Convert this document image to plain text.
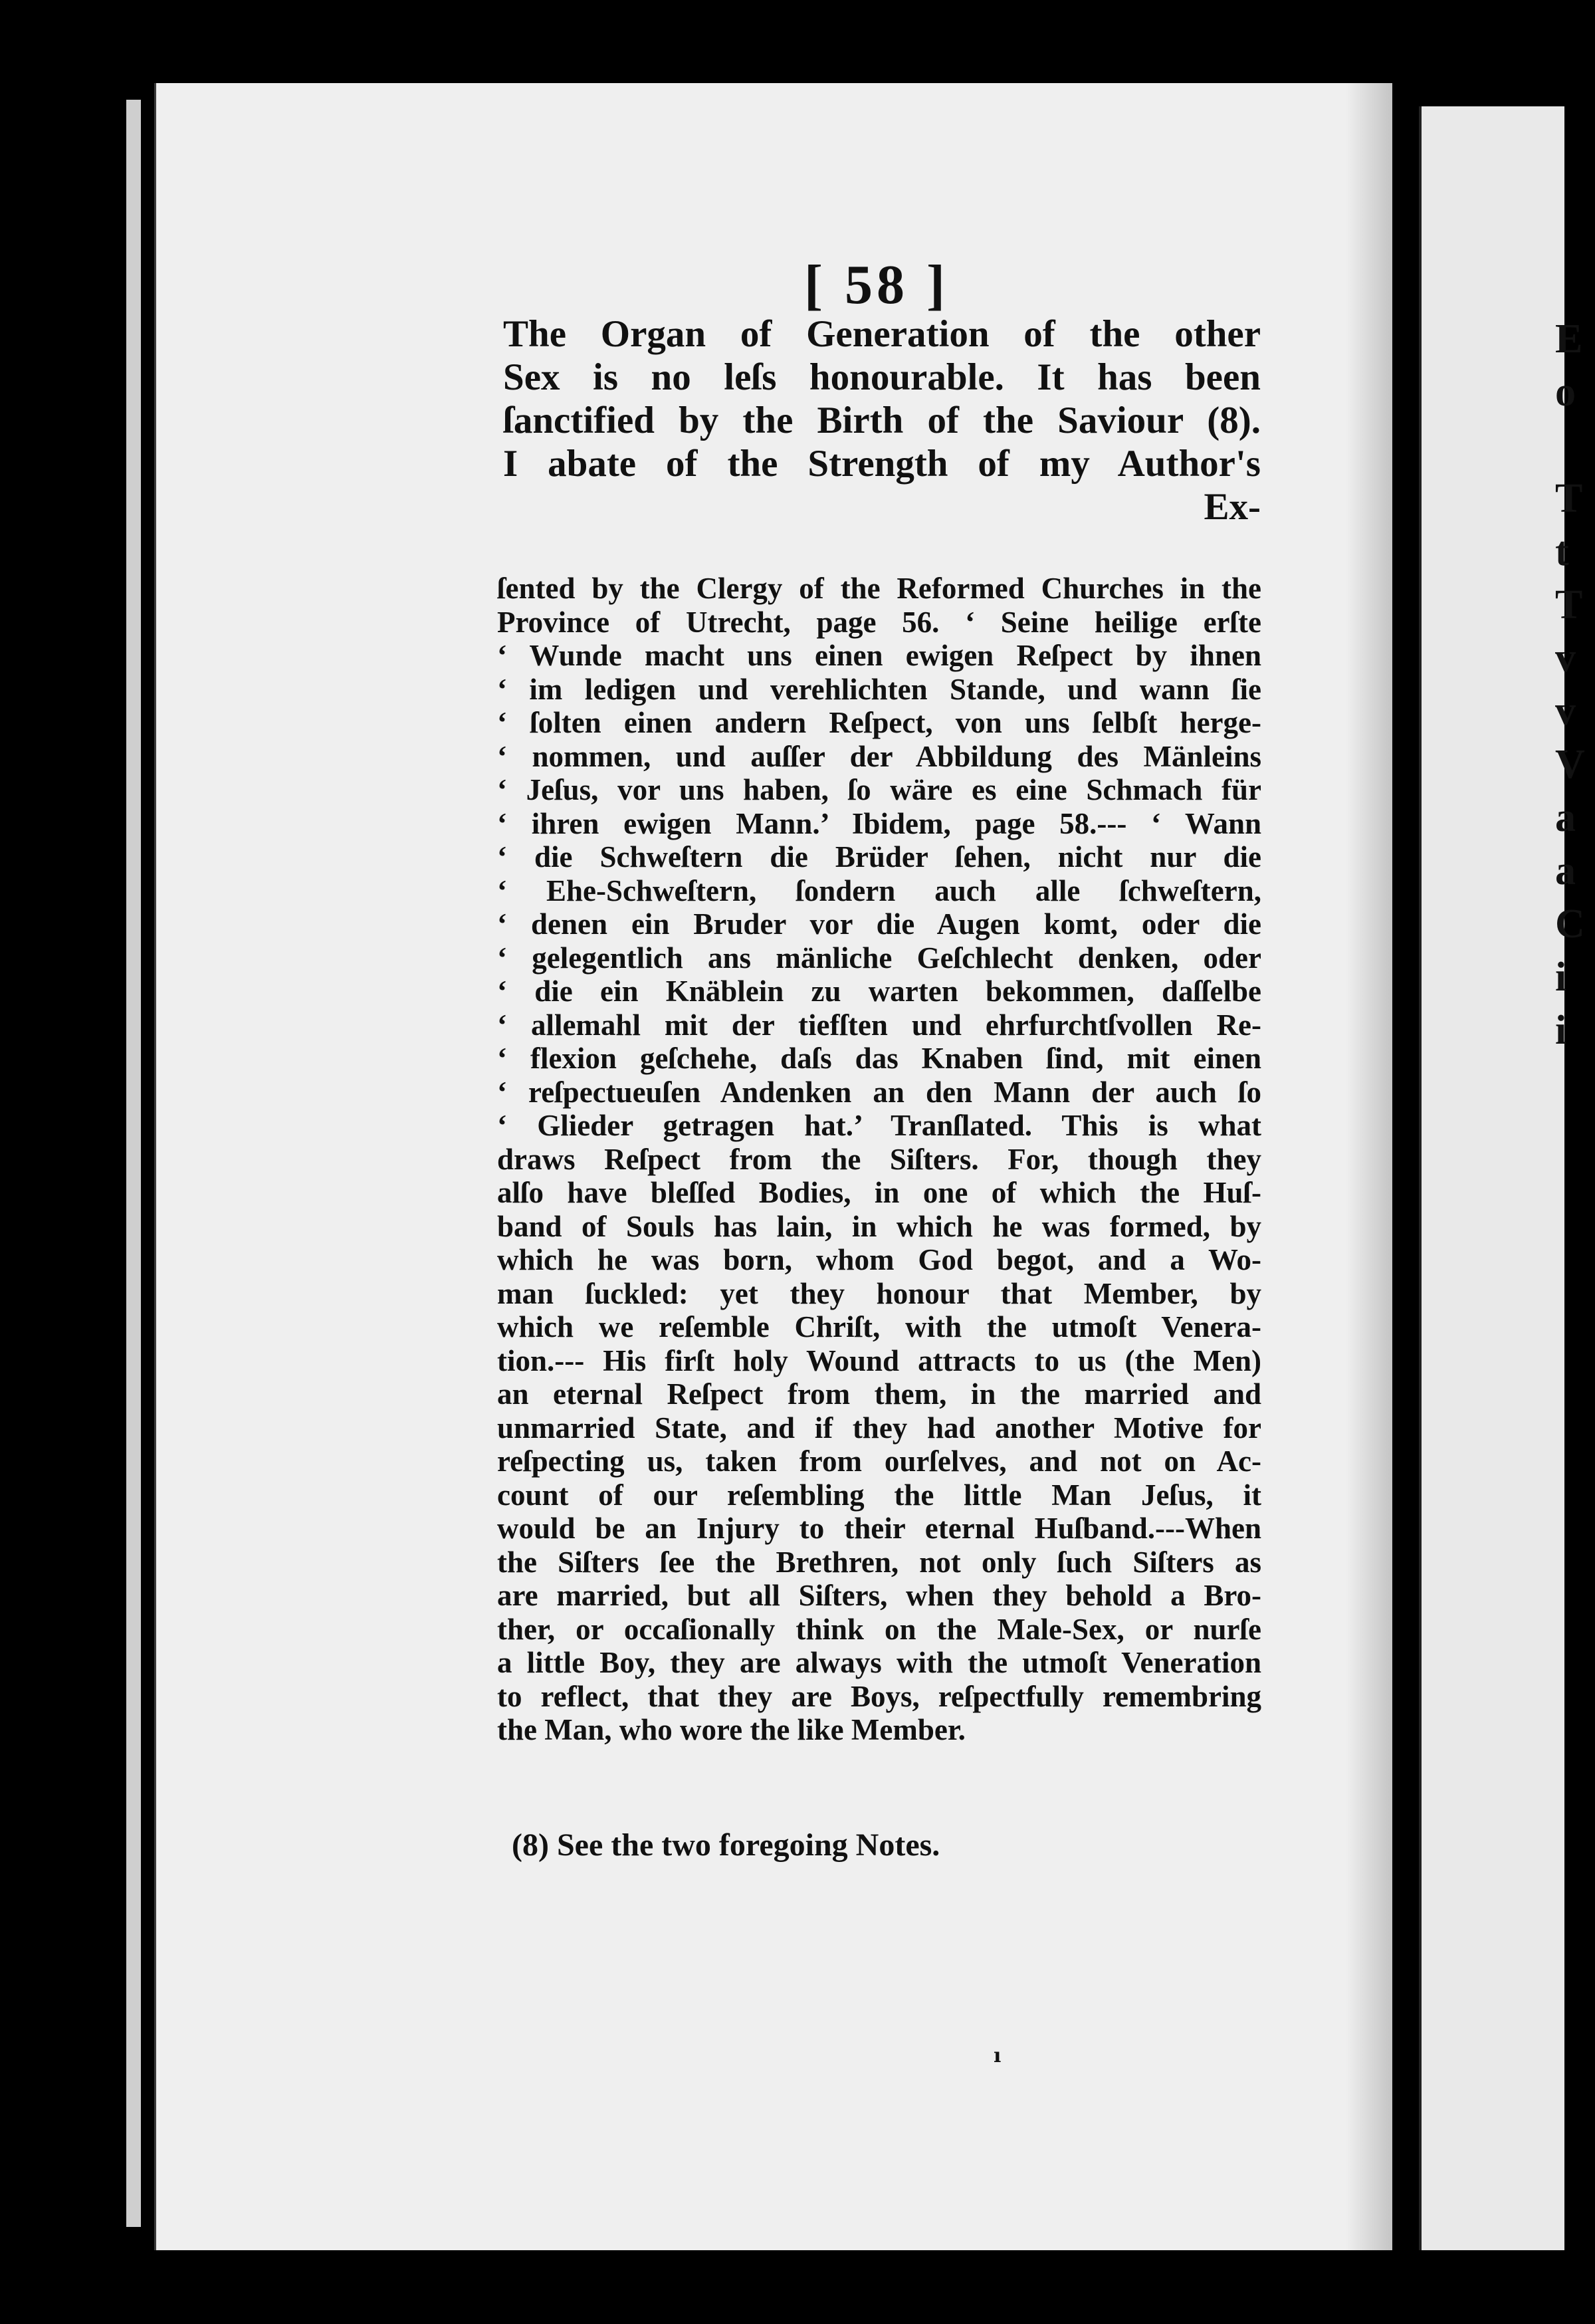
E
o

T
t
T
v
v
V
a
a
C
i
i
[ 58 ]
The Organ of Generation of the other
Sex is no leſs honourable. It has been
ſanctified by the Birth of the Saviour (8).
I abate of the Strength of my Author's
Ex-
ſented by the Clergy of the Reformed Churches in the
Province of Utrecht, page 56. ‘ Seine heilige erſte
‘ Wunde macht uns einen ewigen Reſpect by ihnen
‘ im ledigen und verehlichten Stande, und wann ſie
‘ ſolten einen andern Reſpect, von uns ſelbſt herge-
‘ nommen, und auſſer der Abbildung des Mänleins
‘ Jeſus, vor uns haben, ſo wäre es eine Schmach für
‘ ihren ewigen Mann.’ Ibidem, page 58.--- ‘ Wann
‘ die Schweſtern die Brüder ſehen, nicht nur die
‘ Ehe-Schweſtern, ſondern auch alle ſchweſtern,
‘ denen ein Bruder vor die Augen komt, oder die
‘ gelegentlich ans mänliche Geſchlecht denken, oder
‘ die ein Knäblein zu warten bekommen, daſſelbe
‘ allemahl mit der tiefſten und ehrfurchtſvollen Re-
‘ flexion geſchehe, daſs das Knaben ſind, mit einen
‘ reſpectueuſen Andenken an den Mann der auch ſo
‘ Glieder getragen hat.’ Tranſlated. This is what
draws Reſpect from the Siſters. For, though they
alſo have bleſſed Bodies, in one of which the Huſ-
band of Souls has lain, in which he was formed, by
which he was born, whom God begot, and a Wo-
man ſuckled: yet they honour that Member, by
which we reſemble Chriſt, with the utmoſt Venera-
tion.--- His firſt holy Wound attracts to us (the Men)
an eternal Reſpect from them, in the married and
unmarried State, and if they had another Motive for
reſpecting us, taken from ourſelves, and not on Ac-
count of our reſembling the little Man Jeſus, it
would be an Injury to their eternal Huſband.---When
the Siſters ſee the Brethren, not only ſuch Siſters as
are married, but all Siſters, when they behold a Bro-
ther, or occaſionally think on the Male-Sex, or nurſe
a little Boy, they are always with the utmoſt Veneration
to reflect, that they are Boys, reſpectfully remembring
the Man, who wore the like Member.
(8) See the two foregoing Notes.
ı
